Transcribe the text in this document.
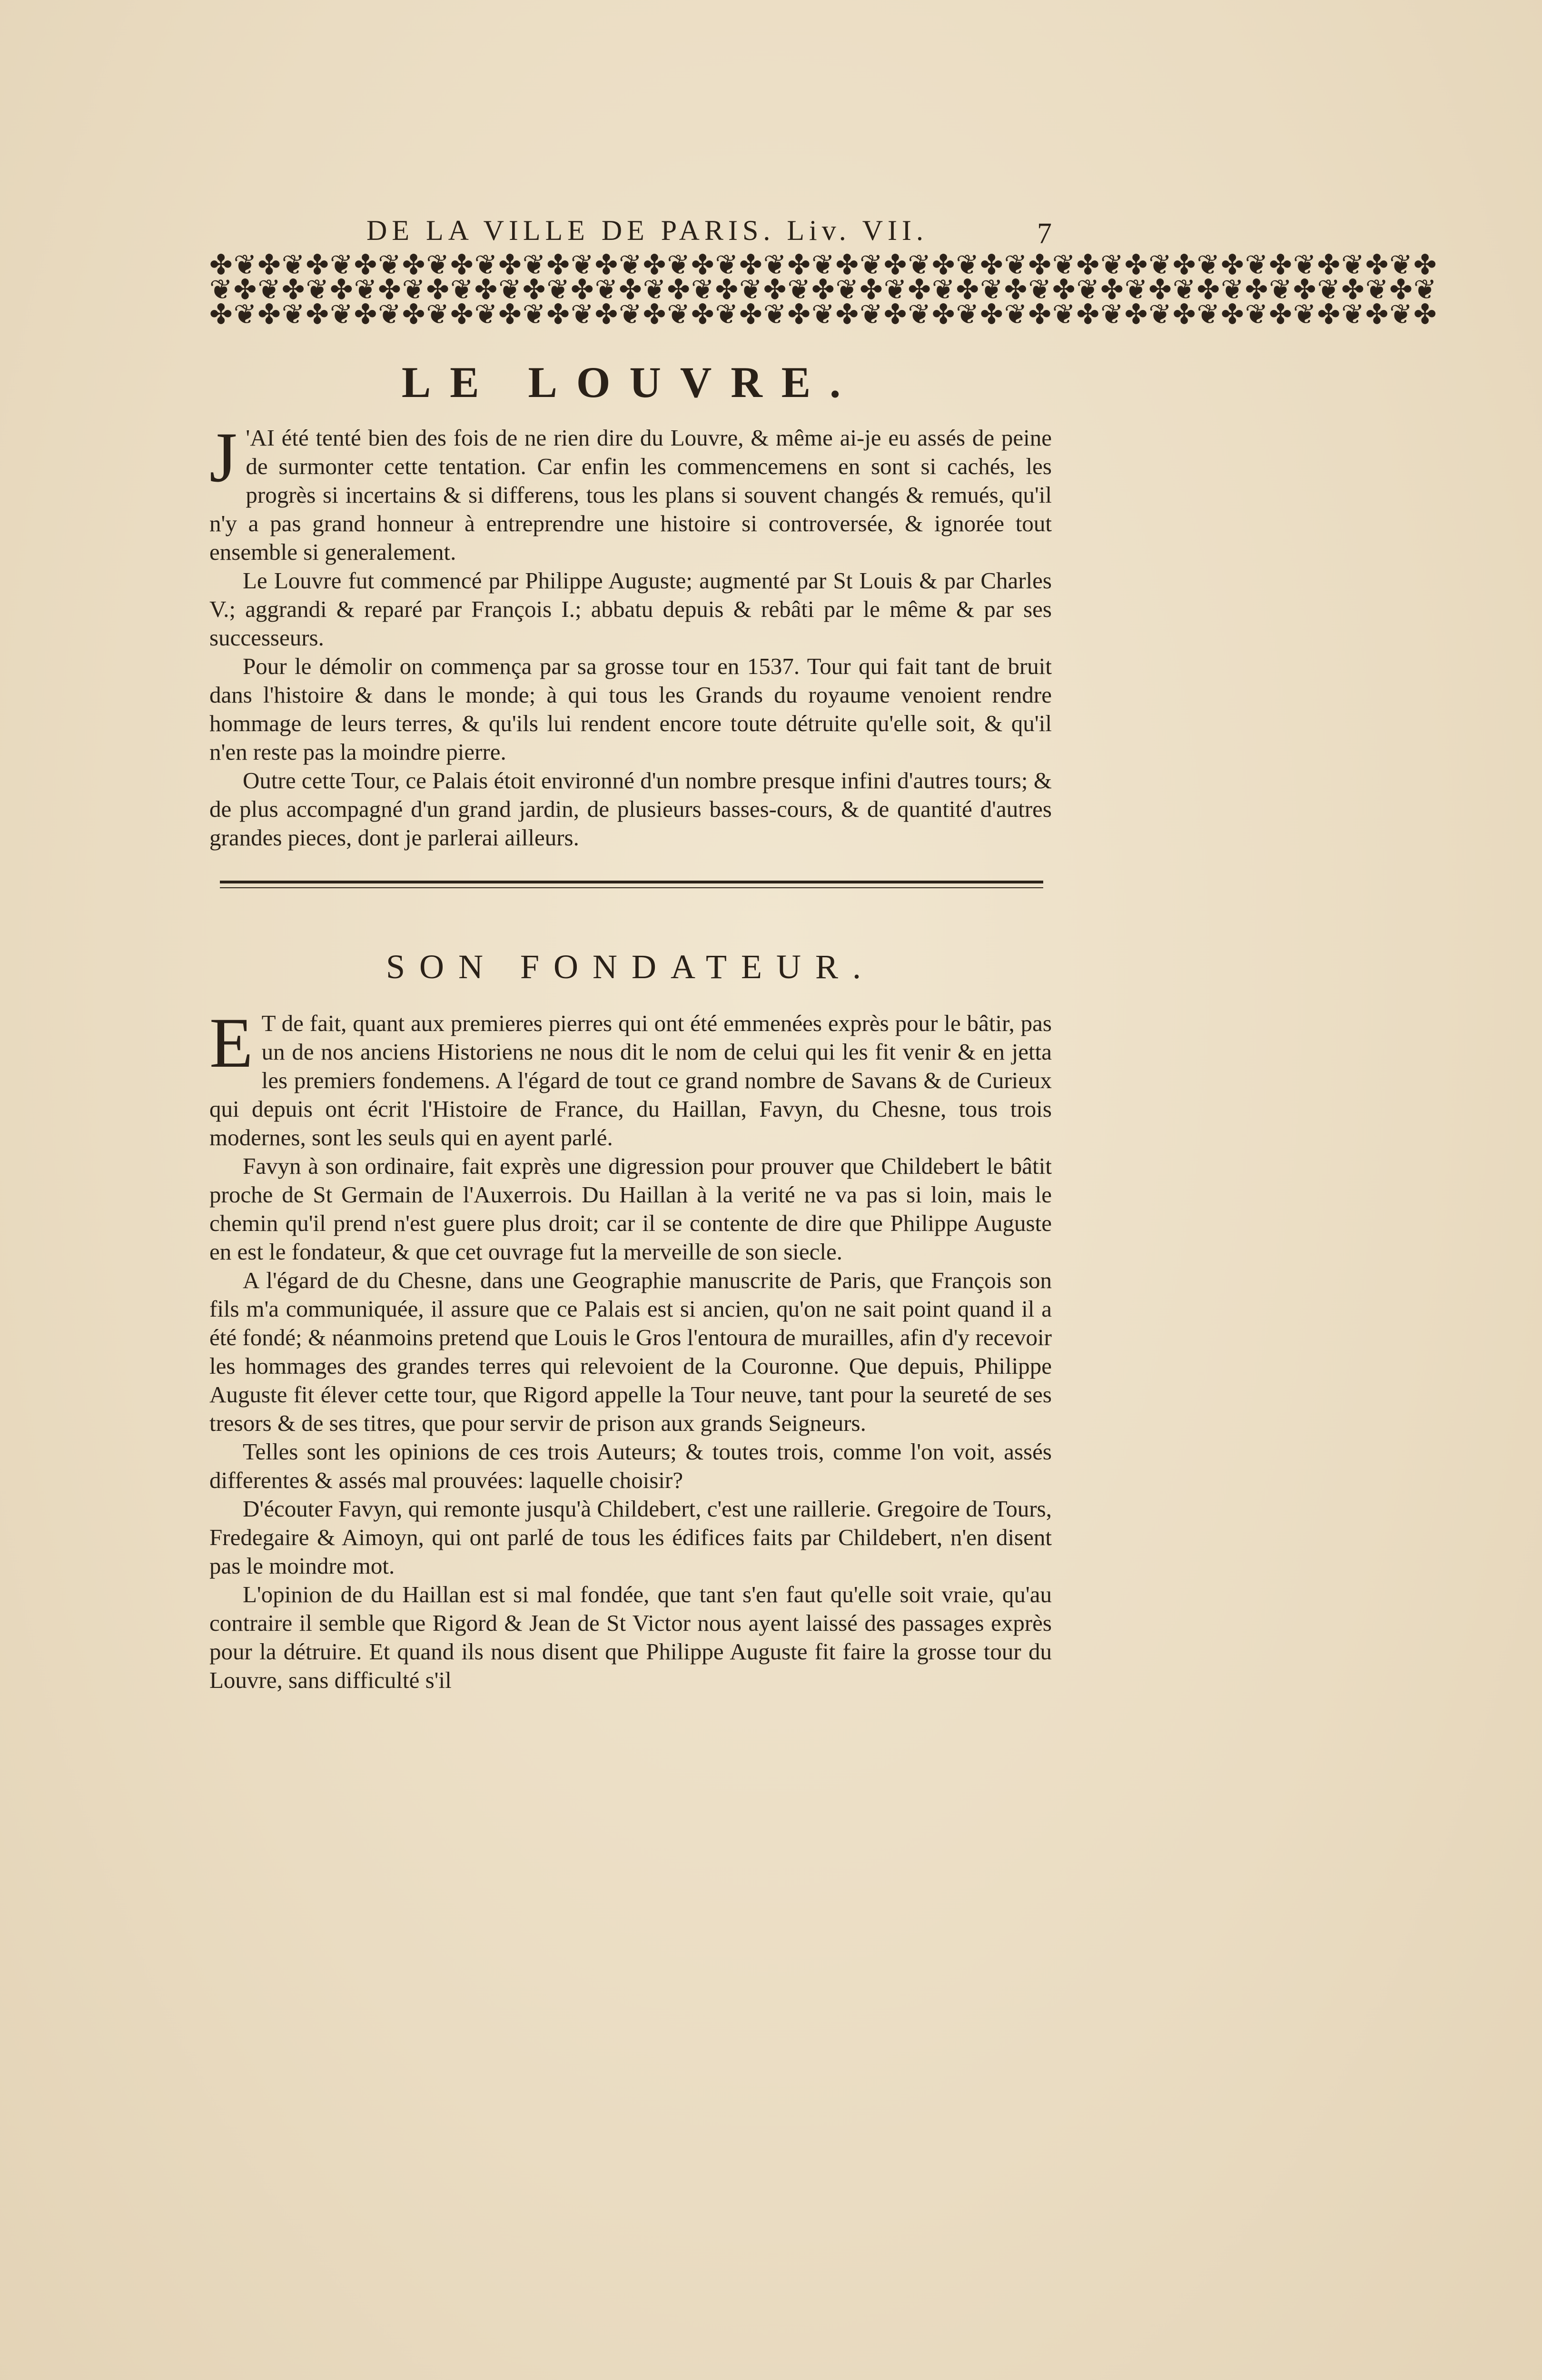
DE LA VILLE DE PARIS. Liv. VII.	7
✤❦✤❦✤❦✤❦✤❦✤❦✤❦✤❦✤❦✤❦✤❦✤❦✤❦✤❦✤❦✤❦✤❦✤❦✤❦✤❦✤❦✤❦✤❦✤❦✤❦✤
❦✤❦✤❦✤❦✤❦✤❦✤❦✤❦✤❦✤❦✤❦✤❦✤❦✤❦✤❦✤❦✤❦✤❦✤❦✤❦✤❦✤❦✤❦✤❦✤❦✤❦
✤❦✤❦✤❦✤❦✤❦✤❦✤❦✤❦✤❦✤❦✤❦✤❦✤❦✤❦✤❦✤❦✤❦✤❦✤❦✤❦✤❦✤❦✤❦✤❦✤❦✤
LE LOUVRE.

J 'AI été tenté bien des fois de ne rien dire du Louvre, & même ai-je eu assés de peine de surmonter cette tentation. Car enfin les commencemens en sont si cachés, les progrès si incertains & si differens, tous les plans si souvent changés & remués, qu'il n'y a pas grand honneur à entreprendre une histoire si controversée, & ignorée tout ensemble si generalement.

Le Louvre fut commencé par Philippe Auguste; augmenté par St Louis & par Charles V.; aggrandi & reparé par François I.; abbatu depuis & rebâti par le même & par ses successeurs.

Pour le démolir on commença par sa grosse tour en 1537. Tour qui fait tant de bruit dans l'histoire & dans le monde; à qui tous les Grands du royaume venoient rendre hommage de leurs terres, & qu'ils lui rendent encore toute détruite qu'elle soit, & qu'il n'en reste pas la moindre pierre.

Outre cette Tour, ce Palais étoit environné d'un nombre presque infini d'autres tours; & de plus accompagné d'un grand jardin, de plusieurs basses-cours, & de quantité d'autres grandes pieces, dont je parlerai ailleurs.

SON FONDATEUR.

E T de fait, quant aux premieres pierres qui ont été emmenées exprès pour le bâtir, pas un de nos anciens Historiens ne nous dit le nom de celui qui les fit venir & en jetta les premiers fondemens. A l'égard de tout ce grand nombre de Savans & de Curieux qui depuis ont écrit l'Histoire de France, du Haillan, Favyn, du Chesne, tous trois modernes, sont les seuls qui en ayent parlé.

Favyn à son ordinaire, fait exprès une digression pour prouver que Childebert le bâtit proche de St Germain de l'Auxerrois. Du Haillan à la verité ne va pas si loin, mais le chemin qu'il prend n'est guere plus droit; car il se contente de dire que Philippe Auguste en est le fondateur, & que cet ouvrage fut la merveille de son siecle.

A l'égard de du Chesne, dans une Geographie manuscrite de Paris, que François son fils m'a communiquée, il assure que ce Palais est si ancien, qu'on ne sait point quand il a été fondé; & néanmoins pretend que Louis le Gros l'entoura de murailles, afin d'y recevoir les hommages des grandes terres qui relevoient de la Couronne. Que depuis, Philippe Auguste fit élever cette tour, que Rigord appelle la Tour neuve, tant pour la seureté de ses tresors & de ses titres, que pour servir de prison aux grands Seigneurs.

Telles sont les opinions de ces trois Auteurs; & toutes trois, comme l'on voit, assés differentes & assés mal prouvées: laquelle choisir?

D'écouter Favyn, qui remonte jusqu'à Childebert, c'est une raillerie. Gregoire de Tours, Fredegaire & Aimoyn, qui ont parlé de tous les édifices faits par Childebert, n'en disent pas le moindre mot.

L'opinion de du Haillan est si mal fondée, que tant s'en faut qu'elle soit vraie, qu'au contraire il semble que Rigord & Jean de St Victor nous ayent laissé des passages exprès pour la détruire. Et quand ils nous disent que Philippe Auguste fit faire la grosse tour du Louvre, sans difficulté s'il
